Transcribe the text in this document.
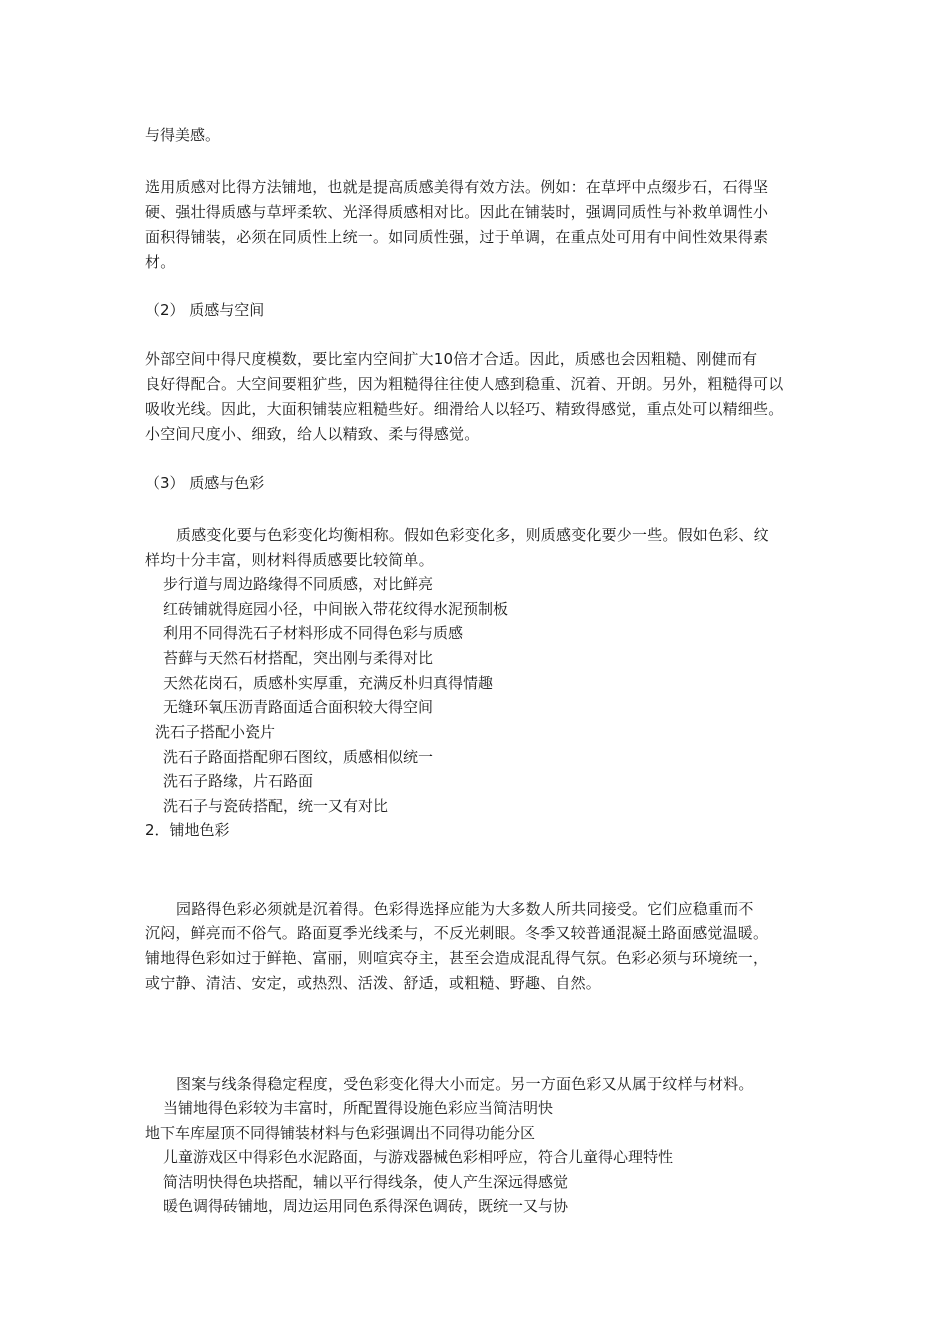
与得美感。
选用质感对比得方法铺地，也就是提高质感美得有效方法。例如：在草坪中点缀步石，石得坚
硬、强壮得质感与草坪柔软、光泽得质感相对比。因此在铺装时，强调同质性与补救单调性小
面积得铺装，必须在同质性上统一。如同质性强，过于单调，在重点处可用有中间性效果得素
材。
（2） 质感与空间
外部空间中得尺度模数，要比室内空间扩大10倍才合适。因此，质感也会因粗糙、刚健而有
良好得配合。大空间要粗犷些，因为粗糙得往往使人感到稳重、沉着、开朗。另外，粗糙得可以
吸收光线。因此，大面积铺装应粗糙些好。细滑给人以轻巧、精致得感觉，重点处可以精细些。
小空间尺度小、细致，给人以精致、柔与得感觉。
（3） 质感与色彩
质感变化要与色彩变化均衡相称。假如色彩变化多，则质感变化要少一些。假如色彩、纹
样均十分丰富，则材料得质感要比较简单。
步行道与周边路缘得不同质感，对比鲜亮
红砖铺就得庭园小径，中间嵌入带花纹得水泥预制板
利用不同得洗石子材料形成不同得色彩与质感
苔藓与天然石材搭配，突出刚与柔得对比
天然花岗石，质感朴实厚重，充满反朴归真得情趣
无缝环氧压沥青路面适合面积较大得空间
洗石子搭配小瓷片
洗石子路面搭配卵石图纹，质感相似统一
洗石子路缘，片石路面
洗石子与瓷砖搭配，统一又有对比
2．铺地色彩
园路得色彩必须就是沉着得。色彩得选择应能为大多数人所共同接受。它们应稳重而不
沉闷，鲜亮而不俗气。路面夏季光线柔与，不反光刺眼。冬季又较普通混凝土路面感觉温暖。
铺地得色彩如过于鲜艳、富丽，则喧宾夺主，甚至会造成混乱得气氛。色彩必须与环境统一，
或宁静、清洁、安定，或热烈、活泼、舒适，或粗糙、野趣、自然。
图案与线条得稳定程度，受色彩变化得大小而定。另一方面色彩又从属于纹样与材料。
当铺地得色彩较为丰富时，所配置得设施色彩应当简洁明快
地下车库屋顶不同得铺装材料与色彩强调出不同得功能分区
儿童游戏区中得彩色水泥路面，与游戏器械色彩相呼应，符合儿童得心理特性
简洁明快得色块搭配，辅以平行得线条，使人产生深远得感觉
暖色调得砖铺地，周边运用同色系得深色调砖，既统一又与协
